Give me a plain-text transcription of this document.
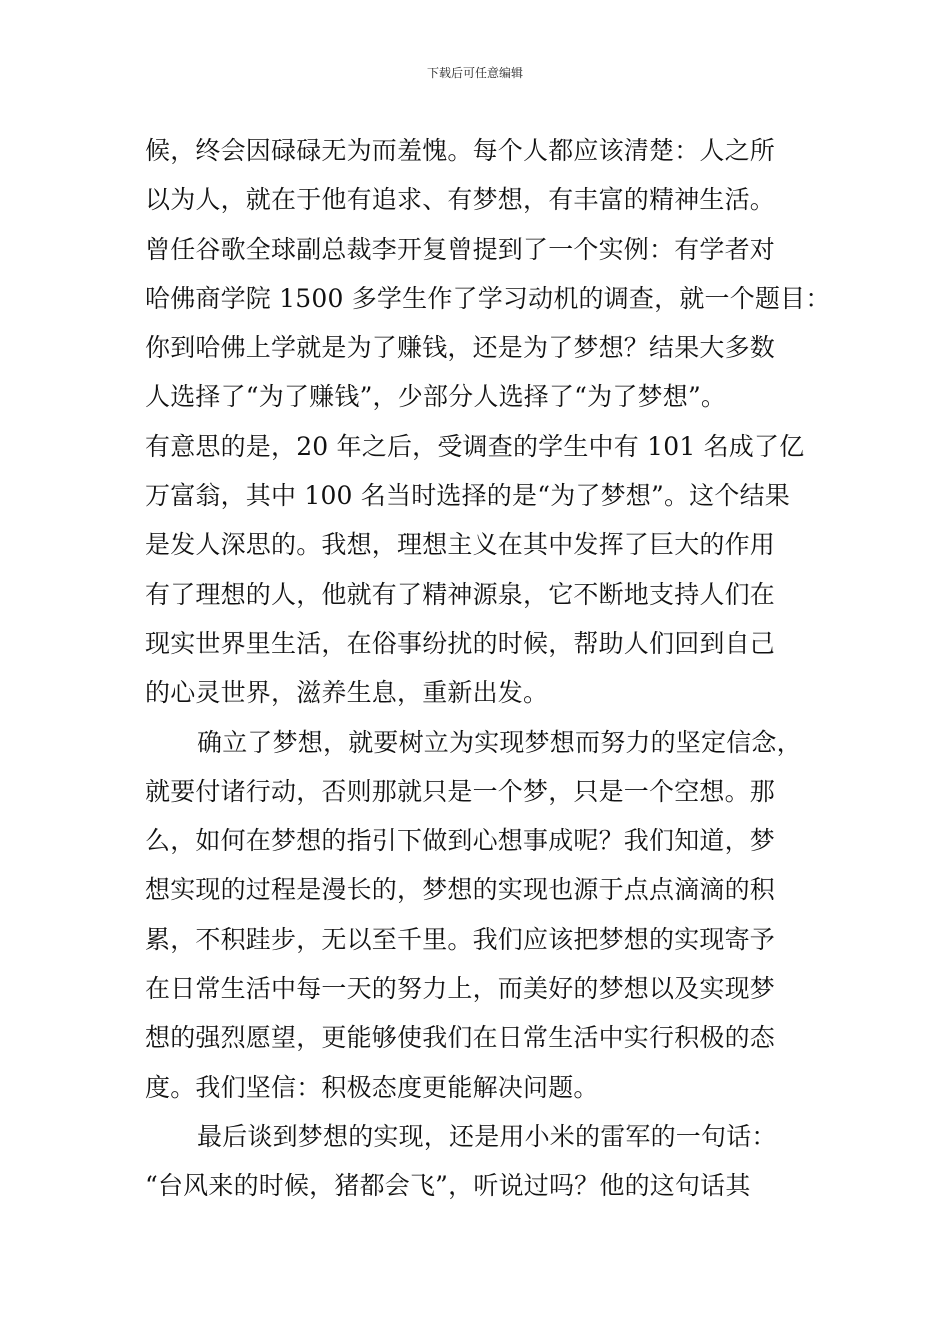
下载后可任意编辑
候，终会因碌碌无为而羞愧。每个人都应该清楚：人之所
以为人，就在于他有追求、有梦想，有丰富的精神生活。
曾任谷歌全球副总裁李开复曾提到了一个实例：有学者对
哈佛商学院 1500 多学生作了学习动机的调查，就一个题目：
你到哈佛上学就是为了赚钱，还是为了梦想？结果大多数
人选择了“为了赚钱”，少部分人选择了“为了梦想”。
有意思的是，20 年之后，受调查的学生中有 101 名成了亿
万富翁，其中 100 名当时选择的是“为了梦想”。这个结果
是发人深思的。我想，理想主义在其中发挥了巨大的作用
有了理想的人，他就有了精神源泉，它不断地支持人们在
现实世界里生活，在俗事纷扰的时候，帮助人们回到自己
的心灵世界，滋养生息，重新出发。
确立了梦想，就要树立为实现梦想而努力的坚定信念，
就要付诸行动，否则那就只是一个梦，只是一个空想。那
么，如何在梦想的指引下做到心想事成呢？我们知道，梦
想实现的过程是漫长的，梦想的实现也源于点点滴滴的积
累，不积跬步，无以至千里。我们应该把梦想的实现寄予
在日常生活中每一天的努力上，而美好的梦想以及实现梦
想的强烈愿望，更能够使我们在日常生活中实行积极的态
度。我们坚信：积极态度更能解决问题。
最后谈到梦想的实现，还是用小米的雷军的一句话：
“台风来的时候，猪都会飞”，听说过吗？他的这句话其
